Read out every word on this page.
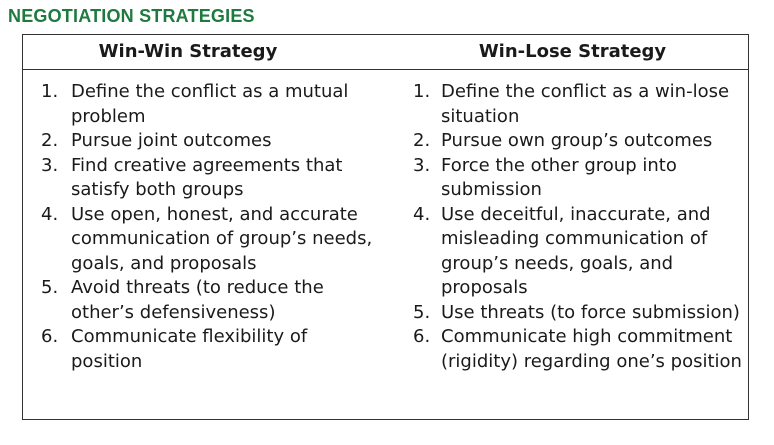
NEGOTIATION STRATEGIES
Win-Win Strategy	Win-Lose Strategy
1. Define the conflict as a mutual problem
2. Pursue joint outcomes
3. Find creative agreements that satisfy both groups
4. Use open, honest, and accurate communication of group’s needs, goals, and proposals
5. Avoid threats (to reduce the other’s defensiveness)
6. Communicate flexibility of position
1. Define the conflict as a win-lose situation
2. Pursue own group’s outcomes
3. Force the other group into submission
4. Use deceitful, inaccurate, and misleading communication of group’s needs, goals, and proposals
5. Use threats (to force submission)
6. Communicate high commitment (rigidity) regarding one’s position
